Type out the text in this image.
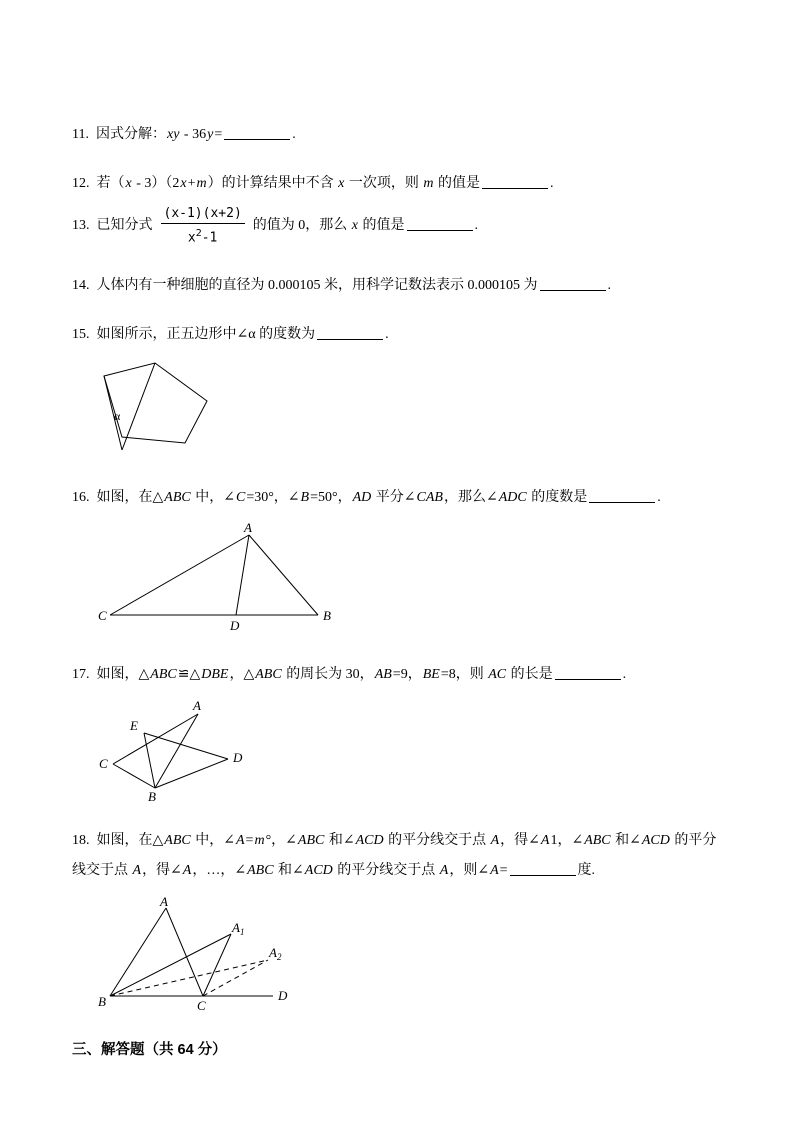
11. 因式分解：xy - 36y=	.
12. 若（x - 3）（2x+m）的计算结果中不含 x 一次项，则 m 的值是	.
13. 已知分式 $\frac{(x-1)(x+2)}{x^2-1}$ 的值为 0，那么 x 的值是	.
14. 人体内有一种细胞的直径为 0.000105 米，用科学记数法表示 0.000105 为	.
15. 如图所示，正五边形中∠α 的度数为	.
α
16. 如图，在△ABC 中，∠C=30°，∠B=50°，AD 平分∠CAB，那么∠ADC 的度数是	.
A
C	B
D
17. 如图，△ABC≌△DBE，△ABC 的周长为 30，AB=9，BE=8，则 AC 的长是	.
A
E
C	D
B
18. 如图，在△ABC 中，∠A=m°，∠ABC 和∠ACD 的平分线交于点 A，得∠A1，∠ABC 和∠ACD 的平分线交于点 A，得∠A，…，∠ABC 和∠ACD 的平分线交于点 A，则∠A=	度.
A
$A_1$
$A_2$
B	C
D
三、解答题（共 64 分）
